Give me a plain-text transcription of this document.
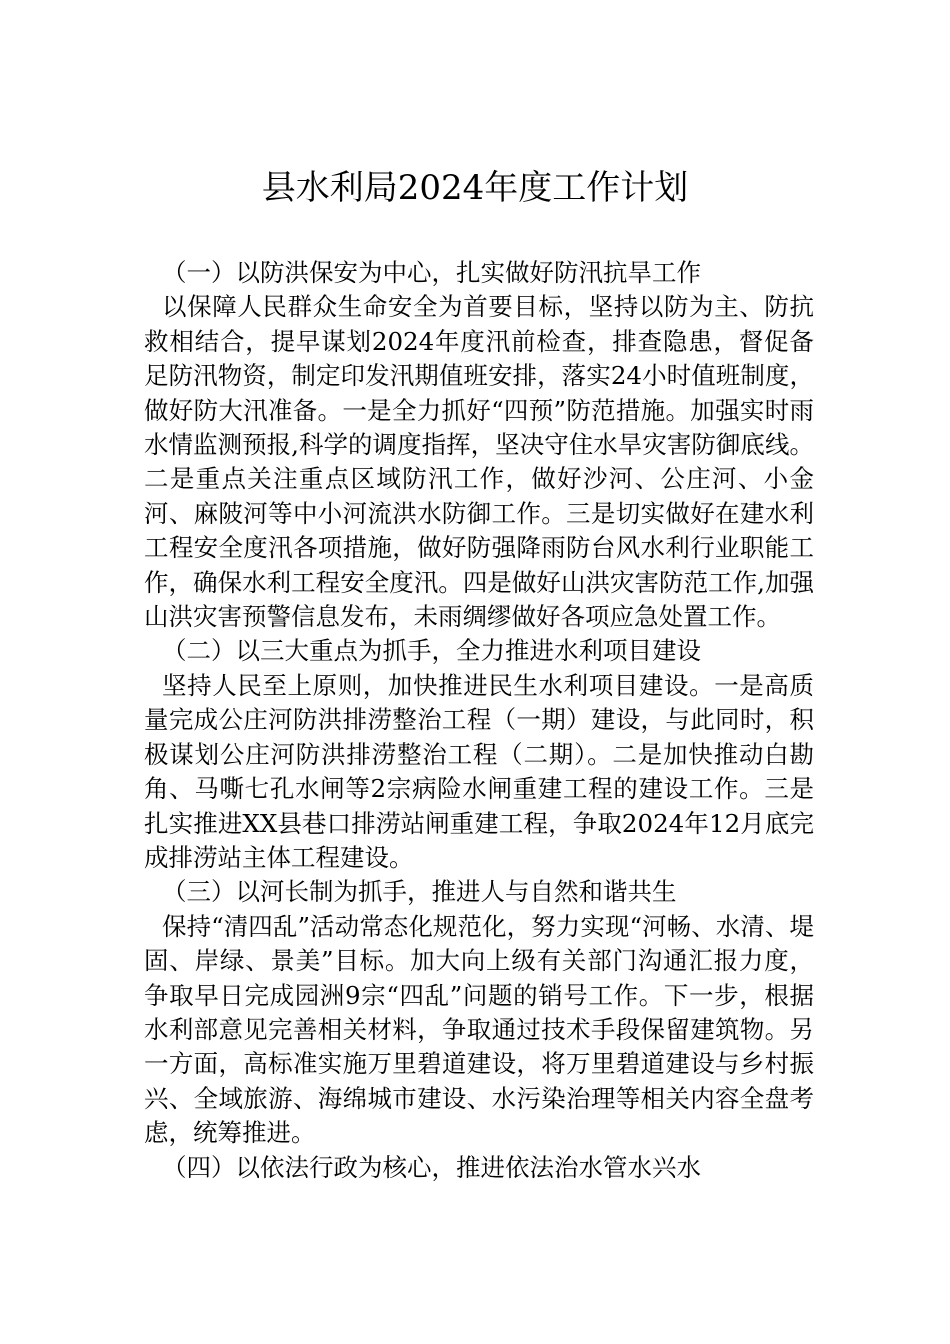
县水利局2024年度工作计划

（一）以防洪保安为中心，扎实做好防汛抗旱工作

以保障人民群众生命安全为首要目标，坚持以防为主、防抗救相结合，提早谋划2024年度汛前检查，排查隐患，督促备足防汛物资，制定印发汛期值班安排，落实24小时值班制度，做好防大汛准备。一是全力抓好“四预”防范措施。加强实时雨水情监测预报,科学的调度指挥，坚决守住水旱灾害防御底线。二是重点关注重点区域防汛工作，做好沙河、公庄河、小金河、麻陂河等中小河流洪水防御工作。三是切实做好在建水利工程安全度汛各项措施，做好防强降雨防台风水利行业职能工作，确保水利工程安全度汛。四是做好山洪灾害防范工作,加强山洪灾害预警信息发布，未雨绸缪做好各项应急处置工作。

（二）以三大重点为抓手，全力推进水利项目建设

坚持人民至上原则，加快推进民生水利项目建设。一是高质量完成公庄河防洪排涝整治工程（一期）建设，与此同时，积极谋划公庄河防洪排涝整治工程（二期）。二是加快推动白勘角、马嘶七孔水闸等2宗病险水闸重建工程的建设工作。三是扎实推进XX县巷口排涝站闸重建工程，争取2024年12月底完成排涝站主体工程建设。

（三）以河长制为抓手，推进人与自然和谐共生

保持“清四乱”活动常态化规范化，努力实现“河畅、水清、堤固、岸绿、景美”目标。加大向上级有关部门沟通汇报力度，争取早日完成园洲9宗“四乱”问题的销号工作。下一步，根据水利部意见完善相关材料，争取通过技术手段保留建筑物。另一方面，高标准实施万里碧道建设，将万里碧道建设与乡村振兴、全域旅游、海绵城市建设、水污染治理等相关内容全盘考虑，统筹推进。

（四）以依法行政为核心，推进依法治水管水兴水
